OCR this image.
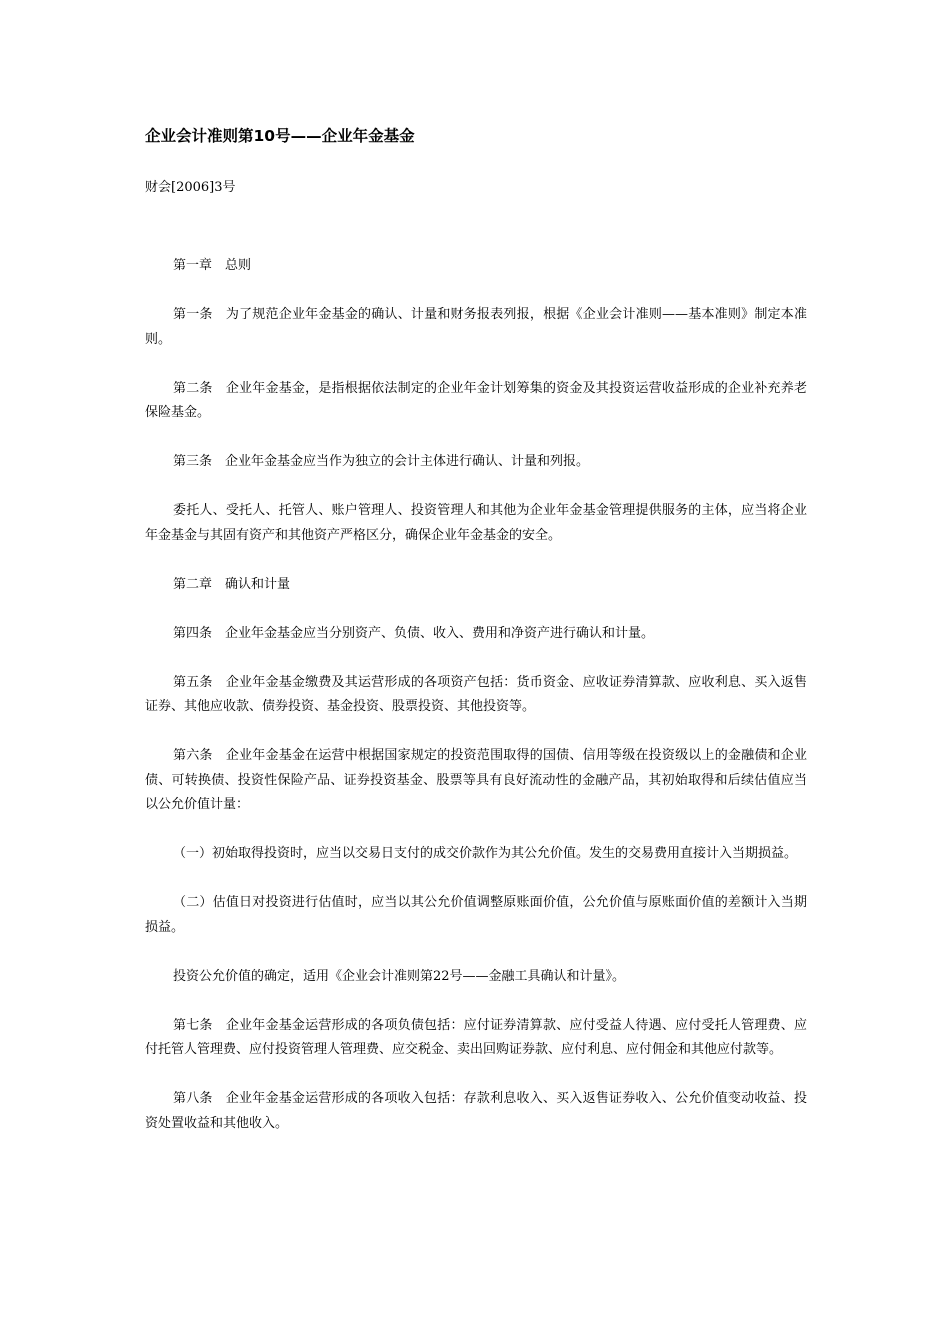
企业会计准则第10号——企业年金基金
财会[2006]3号

第一章　总则

第一条　为了规范企业年金基金的确认、计量和财务报表列报，根据《企业会计准则——基本准则》制定本准则。

第二条　企业年金基金，是指根据依法制定的企业年金计划筹集的资金及其投资运营收益形成的企业补充养老保险基金。

第三条　企业年金基金应当作为独立的会计主体进行确认、计量和列报。

委托人、受托人、托管人、账户管理人、投资管理人和其他为企业年金基金管理提供服务的主体，应当将企业年金基金与其固有资产和其他资产严格区分，确保企业年金基金的安全。

第二章　确认和计量

第四条　企业年金基金应当分别资产、负债、收入、费用和净资产进行确认和计量。

第五条　企业年金基金缴费及其运营形成的各项资产包括：货币资金、应收证券清算款、应收利息、买入返售证券、其他应收款、债券投资、基金投资、股票投资、其他投资等。

第六条　企业年金基金在运营中根据国家规定的投资范围取得的国债、信用等级在投资级以上的金融债和企业债、可转换债、投资性保险产品、证券投资基金、股票等具有良好流动性的金融产品，其初始取得和后续估值应当以公允价值计量：

（一）初始取得投资时，应当以交易日支付的成交价款作为其公允价值。发生的交易费用直接计入当期损益。

（二）估值日对投资进行估值时，应当以其公允价值调整原账面价值，公允价值与原账面价值的差额计入当期损益。

投资公允价值的确定，适用《企业会计准则第22号——金融工具确认和计量》。

第七条　企业年金基金运营形成的各项负债包括：应付证券清算款、应付受益人待遇、应付受托人管理费、应付托管人管理费、应付投资管理人管理费、应交税金、卖出回购证券款、应付利息、应付佣金和其他应付款等。

第八条　企业年金基金运营形成的各项收入包括：存款利息收入、买入返售证券收入、公允价值变动收益、投资处置收益和其他收入。
